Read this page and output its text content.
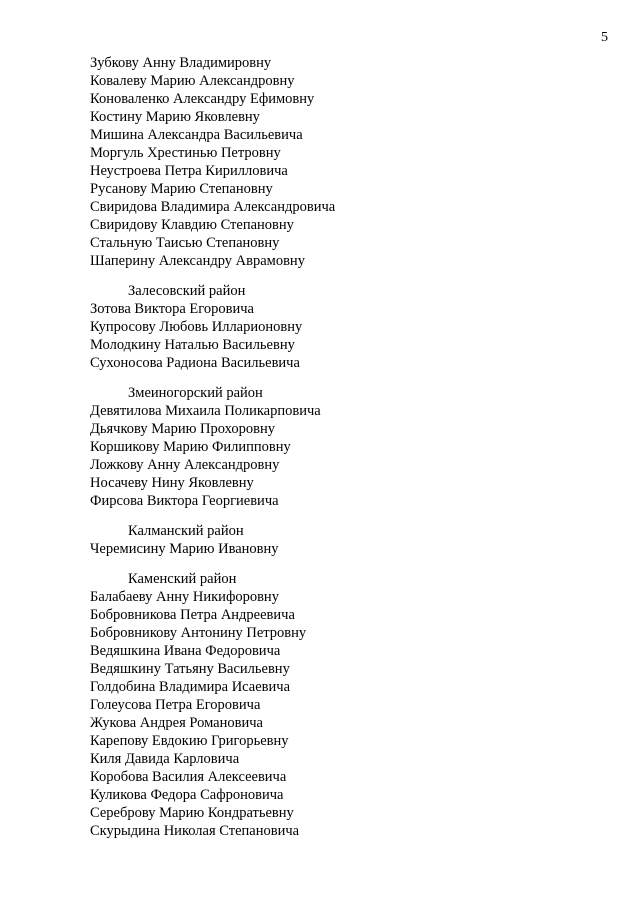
5
Зубкову Анну Владимировну
Ковалеву Марию Александровну
Коноваленко Александру Ефимовну
Костину Марию Яковлевну
Мишина Александра Васильевича
Моргуль Хрестинью Петровну
Неустроева Петра Кирилловича
Русанову Марию Степановну
Свиридова Владимира Александровича
Свиридову Клавдию Степановну
Стальную Таисью Степановну
Шаперину Александру Аврамовну
Залесовский район
Зотова Виктора Егоровича
Купросову Любовь Илларионовну
Молодкину Наталью Васильевну
Сухоносова Радиона Васильевича
Змеиногорский район
Девятилова Михаила Поликарповича
Дьячкову Марию Прохоровну
Коршикову Марию Филипповну
Ложкову Анну Александровну
Носачеву Нину Яковлевну
Фирсова Виктора Георгиевича
Калманский район
Черемисину Марию Ивановну
Каменский район
Балабаеву Анну Никифоровну
Бобровникова Петра Андреевича
Бобровникову Антонину Петровну
Ведяшкина Ивана Федоровича
Ведяшкину Татьяну Васильевну
Голдобина Владимира Исаевича
Голеусова Петра Егоровича
Жукова Андрея Романовича
Карепову Евдокию Григорьевну
Киля Давида Карловича
Коробова Василия Алексеевича
Куликова Федора Сафроновича
Сереброву Марию Кондратьевну
Скурыдина Николая Степановича
